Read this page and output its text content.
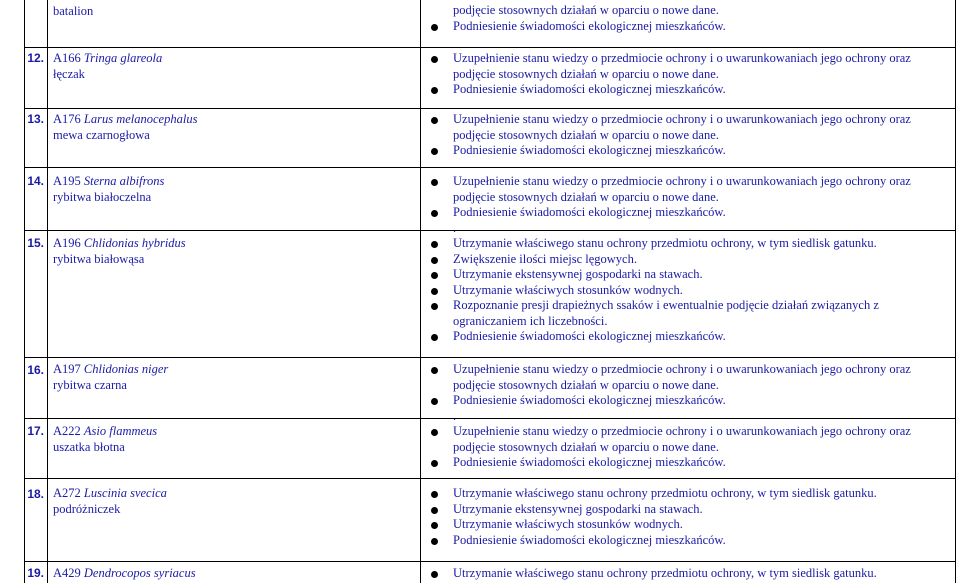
batalion	podjęcie stosownych działań w oparciu o nowe dane.
Podniesienie świadomości ekologicznej mieszkańców.
12. A166 Tringa glareola
łęczak
Uzupełnienie stanu wiedzy o przedmiocie ochrony i o uwarunkowaniach jego ochrony oraz podjęcie stosownych działań w oparciu o nowe dane.
Podniesienie świadomości ekologicznej mieszkańców.
13. A176 Larus melanocephalus
mewa czarnogłowa
Uzupełnienie stanu wiedzy o przedmiocie ochrony i o uwarunkowaniach jego ochrony oraz podjęcie stosownych działań w oparciu o nowe dane.
Podniesienie świadomości ekologicznej mieszkańców.
14. A195 Sterna albifrons
rybitwa białoczelna
Uzupełnienie stanu wiedzy o przedmiocie ochrony i o uwarunkowaniach jego ochrony oraz podjęcie stosownych działań w oparciu o nowe dane.
Podniesienie świadomości ekologicznej mieszkańców.
.
15. A196 Chlidonias hybridus
rybitwa białowąsa
Utrzymanie właściwego stanu ochrony przedmiotu ochrony, w tym siedlisk gatunku.
Zwiększenie ilości miejsc lęgowych.
Utrzymanie ekstensywnej gospodarki na stawach.
Utrzymanie właściwych stosunków wodnych.
Rozpoznanie presji drapieżnych ssaków i ewentualnie podjęcie działań związanych z ograniczaniem ich liczebności.
Podniesienie świadomości ekologicznej mieszkańców.
16. A197 Chlidonias niger
rybitwa czarna
Uzupełnienie stanu wiedzy o przedmiocie ochrony i o uwarunkowaniach jego ochrony oraz podjęcie stosownych działań w oparciu o nowe dane.
Podniesienie świadomości ekologicznej mieszkańców.
.
17. A222 Asio flammeus
uszatka błotna
Uzupełnienie stanu wiedzy o przedmiocie ochrony i o uwarunkowaniach jego ochrony oraz podjęcie stosownych działań w oparciu o nowe dane.
Podniesienie świadomości ekologicznej mieszkańców.
18. A272 Luscinia svecica
podróżniczek
Utrzymanie właściwego stanu ochrony przedmiotu ochrony, w tym siedlisk gatunku.
Utrzymanie ekstensywnej gospodarki na stawach.
Utrzymanie właściwych stosunków wodnych.
Podniesienie świadomości ekologicznej mieszkańców.
19. A429 Dendrocopos syriacus	Utrzymanie właściwego stanu ochrony przedmiotu ochrony, w tym siedlisk gatunku.
